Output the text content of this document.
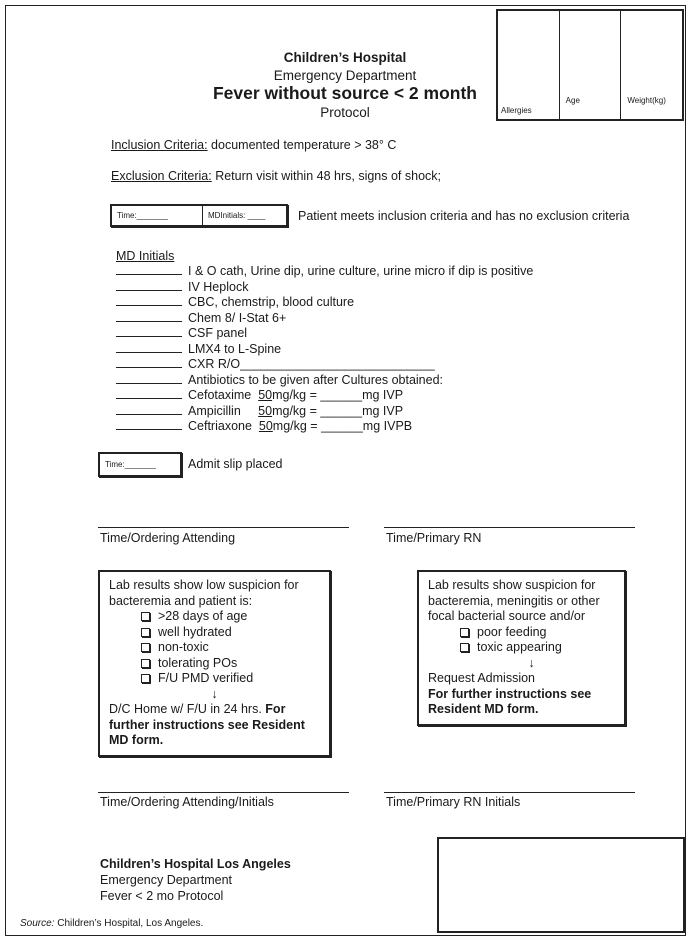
Allergies
Age	Weight(kg)
Children’s Hospital
Emergency Department
Fever without source < 2 month
Protocol
Inclusion Criteria: documented temperature > 38° C
Exclusion Criteria: Return visit within 48 hrs, signs of shock;
Time:_______	MDInitials: ____	Patient meets inclusion criteria and has no exclusion criteria
MD Initials
I & O cath, Urine dip, urine culture, urine micro if dip is positive
IV Heplock
CBC, chemstrip, blood culture
Chem 8/ I-Stat 6+
CSF panel
LMX4 to L-Spine
CXR R/O____________________________
Antibiotics to be given after Cultures obtained:
Cefotaxime 50mg/kg = ______mg IVP
Ampicillin 50mg/kg = ______mg IVP
Ceftriaxone 50mg/kg = ______mg IVPB
Time:_______	Admit slip placed
Time/Ordering Attending	Time/Primary RN
Lab results show low suspicion for bacteremia and patient is:
>28 days of age
well hydrated
non-toxic
tolerating POs
F/U PMD verified
↓
D/C Home w/ F/U in 24 hrs. For further instructions see Resident MD form.
Lab results show suspicion for bacteremia, meningitis or other focal bacterial source and/or
poor feeding
toxic appearing
↓
Request Admission
For further instructions see Resident MD form.
Time/Ordering Attending/Initials	Time/Primary RN Initials
Children’s Hospital Los Angeles
Emergency Department
Fever < 2 mo Protocol
Source: Children’s Hospital, Los Angeles.
